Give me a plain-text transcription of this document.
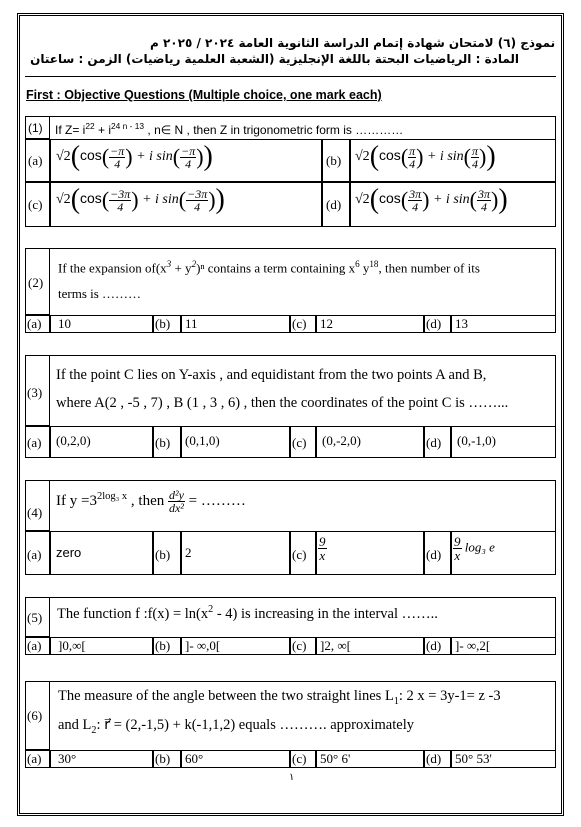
نموذج (٦) لامتحان شهادة إتمام الدراسة الثانوية العامة ٢٠٢٤ / ٢٠٢٥ م
المادة : الرياضيات البحتة باللغة الإنجليزية (الشعبة العلمية رياضيات) الزمن : ساعتان
First : Objective Questions (Multiple choice, one mark each)
(1) If $Z= i^{22} + i^{24 n - 13}$ , n∈ N , then Z in trigonometric form is …………
(a) $√2(\cos( \frac{-\pi}{4}$ ) + i $\sin( \frac{-\pi}{4}$ ))	(b) $√2(\cos( \frac{\pi}{4}$ ) + i $\sin( \frac{\pi}{4}$ ))
(c) $√2(\cos( \frac{-3\pi}{4}$ ) + i $\sin( \frac{-3\pi}{4}$ ))	(d) $√2(\cos( \frac{3\pi}{4}$ ) + i $\sin( \frac{3\pi}{4}$ ))
(2)
If the expansion $of(x^3 + y^2)^n$ contains a term containing $x^6$ $y^{18}$, then number of its
terms is ………
(a) 10	(b) 11	(c) 12	(d) 13
(3)
If the point C lies on Y-axis , and equidistant from the two points A and B,
where A(2 , -5 , 7) , B (1 , 3 , 6) , then the coordinates of the point C is ……...
(a) (0,2,0)	(b) (0,1,0)	(c) (0,-2,0)	(d) (0,-1,0)
(4)
If $y =3^{2log_3 x}$ , then $\frac{\text{d²y}}{\text{dx²}}$ = ………
(a) zero	(b) 2	$(c) \frac{9}{x}$	$(d) \frac{9}{x} \log_3$ e
(5) The function f :f(x) = $\ln(x^2 - 4)$ is increasing in the interval ……..
(a) ]0,∞[	(b) ]- ∞,0[	(c) ]2, ∞[	(d) ]- ∞,2[
(6)
The measure of the angle between the two straight lines $L_1$: 2 x = 3y-1= z -3
and $L_2$: r⃗ = (2,-1,5) + k(-1,1,2) equals ………. approximately
(a) 30°	(b) 60°	(c) 50° 6'	(d) 50° 53'
١
